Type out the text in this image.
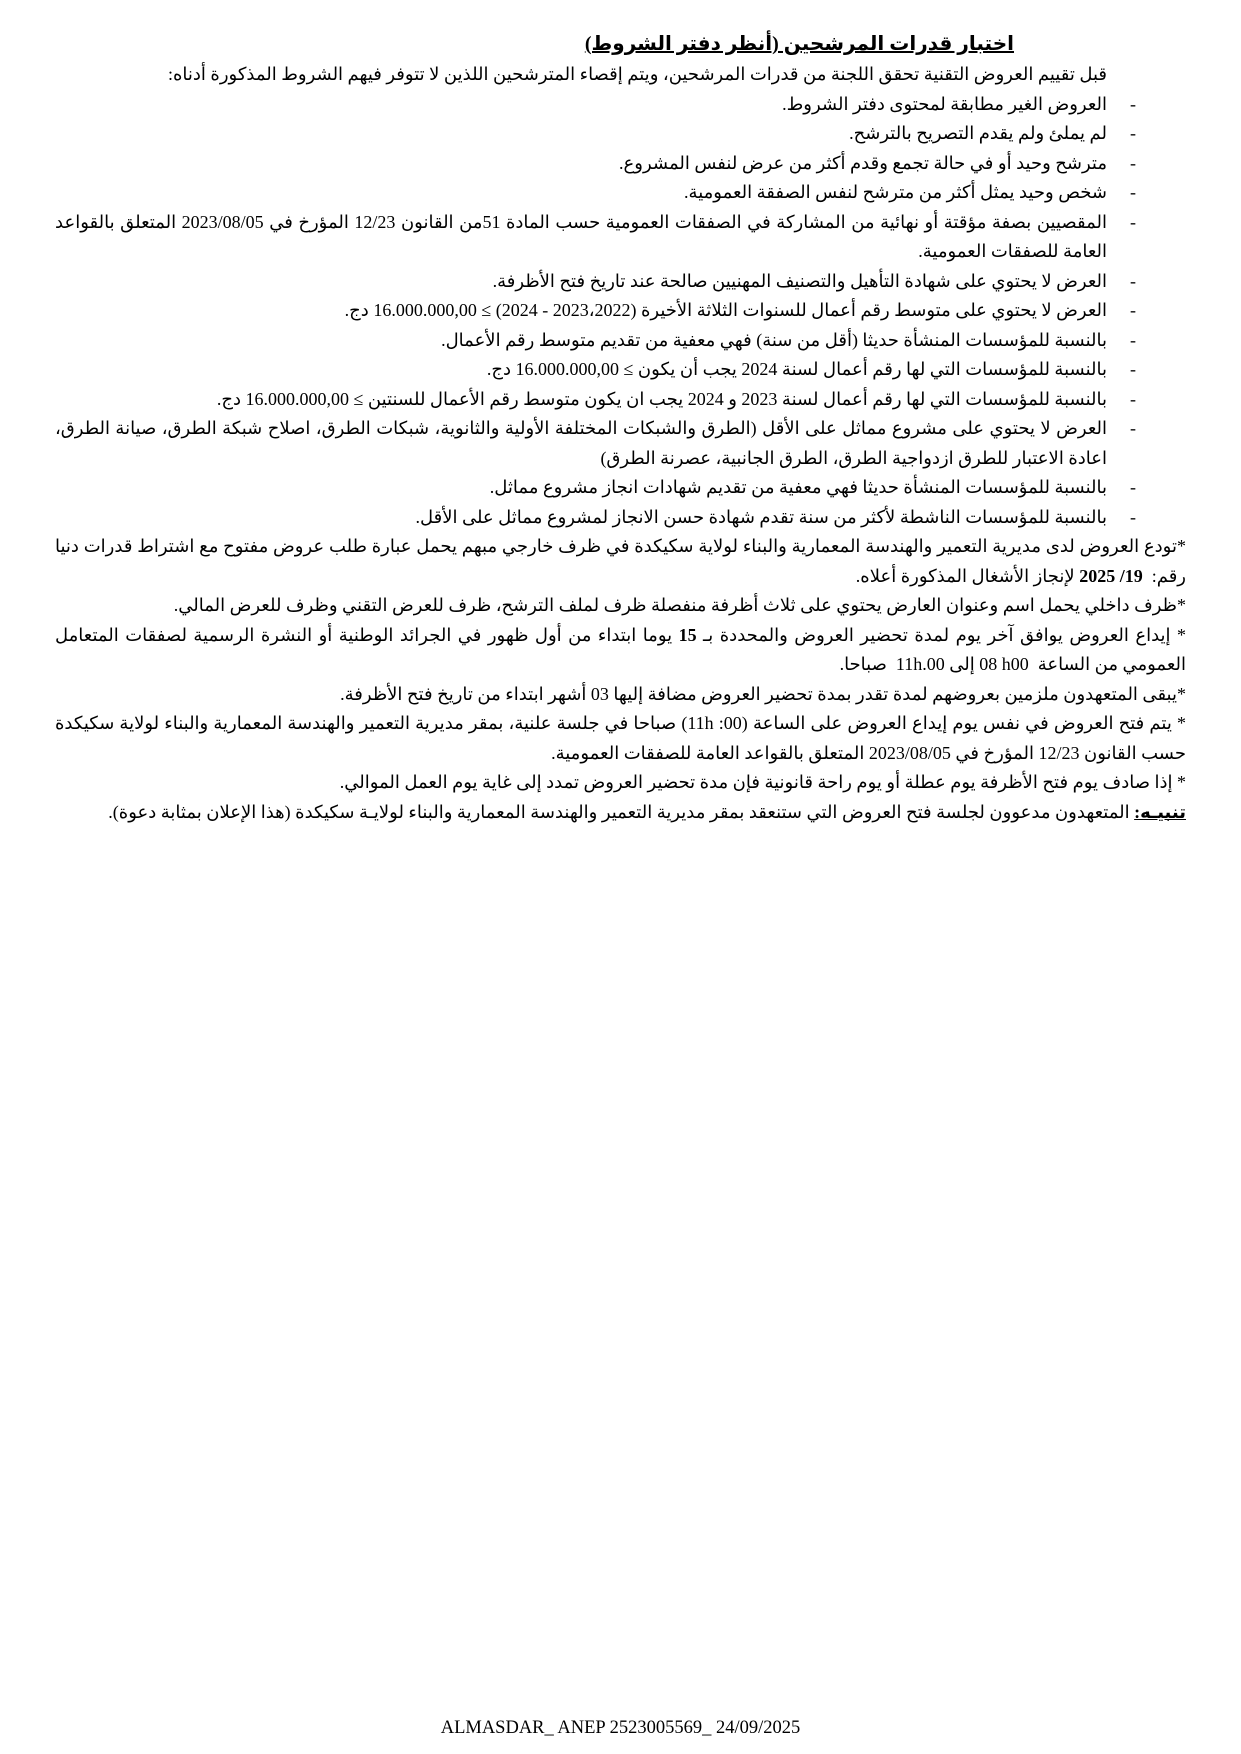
اختبار قدرات المرشحين (أنظر دفتر الشروط)
قبل تقييم العروض التقنية تحقق اللجنة من قدرات المرشحين، ويتم إقصاء المترشحين اللذين لا تتوفر فيهم الشروط المذكورة أدناه:
-
العروض الغير مطابقة لمحتوى دفتر الشروط.
-
لم يملئ ولم يقدم التصريح بالترشح.
-
مترشح وحيد أو في حالة تجمع وقدم أكثر من عرض لنفس المشروع.
-
شخص وحيد يمثل أكثر من مترشح لنفس الصفقة العمومية.
-
المقصيين بصفة مؤقتة أو نهائية من المشاركة في الصفقات العمومية حسب المادة 51من القانون 12/23 المؤرخ في 2023/08/05 المتعلق بالقواعد العامة للصفقات العمومية.
-
العرض لا يحتوي على شهادة التأهيل والتصنيف المهنيين صالحة عند تاريخ فتح الأظرفة.
-
العرض لا يحتوي على متوسط رقم أعمال للسنوات الثلاثة الأخيرة ⁦(2024 - 2023،2022)⁩ ≥ 16.000.000,00 دج.
-
بالنسبة للمؤسسات المنشأة حديثا (أقل من سنة) فهي معفية من تقديم متوسط رقم الأعمال.
-
بالنسبة للمؤسسات التي لها رقم أعمال لسنة 2024 يجب أن يكون ≥ 16.000.000,00 دج.
-
بالنسبة للمؤسسات التي لها رقم أعمال لسنة 2023 و 2024 يجب ان يكون متوسط رقم الأعمال للسنتين ≥ 16.000.000,00 دج.
-
العرض لا يحتوي على مشروع مماثل على الأقل (الطرق والشبكات المختلفة الأولية والثانوية، شبكات الطرق، اصلاح شبكة الطرق، صيانة الطرق، اعادة الاعتبار للطرق ازدواجية الطرق، الطرق الجانبية، عصرنة الطرق)
-
بالنسبة للمؤسسات المنشأة حديثا فهي معفية من تقديم شهادات انجاز مشروع مماثل.
-
بالنسبة للمؤسسات الناشطة لأكثر من سنة تقدم شهادة حسن الانجاز لمشروع مماثل على الأقل.
*تودع العروض لدى مديرية التعمير والهندسة المعمارية والبناء لولاية سكيكدة في ظرف خارجي مبهم يحمل عبارة طلب عروض مفتوح مع اشتراط قدرات دنيا رقم:  19/ 2025 لإنجاز الأشغال المذكورة أعلاه.
*ظرف داخلي يحمل اسم وعنوان العارض يحتوي على ثلاث أظرفة منفصلة ظرف لملف الترشح، ظرف للعرض التقني وظرف للعرض المالي.
* إيداع العروض يوافق آخر يوم لمدة تحضير العروض والمحددة بـ 15 يوما ابتداء من أول ظهور في الجرائد الوطنية أو النشرة الرسمية لصفقات المتعامل العمومي من الساعة  ⁦08 h00⁩ إلى ⁦11h.00⁩  صباحا.
*يبقى المتعهدون ملزمين بعروضهم لمدة تقدر بمدة تحضير العروض مضافة إليها 03 أشهر ابتداء من تاريخ فتح الأظرفة.
* يتم فتح العروض في نفس يوم إيداع العروض على الساعة ⁦(11h :00)⁩ صباحا في جلسة علنية، بمقر مديرية التعمير والهندسة المعمارية والبناء لولاية سكيكدة حسب القانون 12/23 المؤرخ في 2023/08/05 المتعلق بالقواعد العامة للصفقات العمومية.
* إذا صادف يوم فتح الأظرفة يوم عطلة أو يوم راحة قانونية فإن مدة تحضير العروض تمدد إلى غاية يوم العمل الموالي.
تنبيـه: المتعهدون مدعوون لجلسة فتح العروض التي ستنعقد بمقر مديرية التعمير والهندسة المعمارية والبناء لولايـة سكيكدة (هذا الإعلان بمثابة دعوة).
ALMASDAR_ ANEP 2523005569_ 24/09/2025
